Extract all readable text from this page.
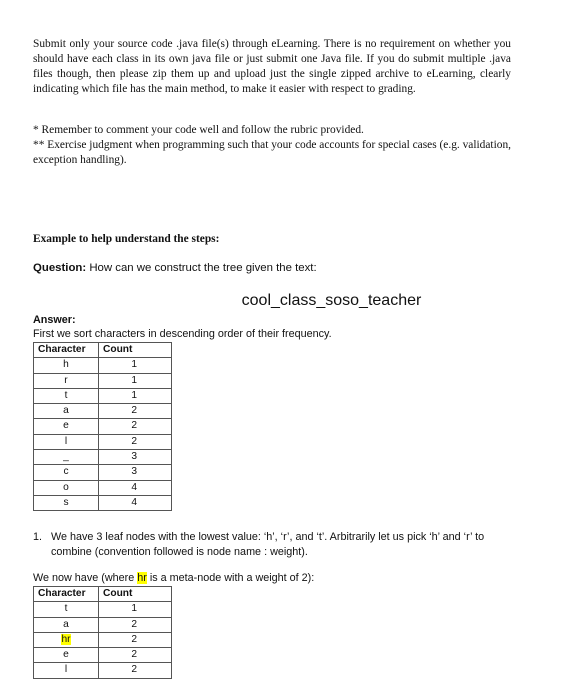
Submit only your source code .java file(s) through eLearning. There is no requirement on whether you should have each class in its own java file or just submit one Java file. If you do submit multiple .java files though, then please zip them up and upload just the single zipped archive to eLearning, clearly indicating which file has the main method, to make it easier with respect to grading.
* Remember to comment your code well and follow the rubric provided.
** Exercise judgment when programming such that your code accounts for special cases (e.g. validation, exception handling).
Example to help understand the steps:
Question: How can we construct the tree given the text:
cool_class_soso_teacher
Answer:
First we sort characters in descending order of their frequency.
Character	Count
h	1
r	1
t	1
a	2
e	2
l	2
_	3
c	3
o	4
s	4
1. We have 3 leaf nodes with the lowest value: ‘h’, ‘r’, and ‘t’. Arbitrarily let us pick ‘h’ and ‘r’ to combine (convention followed is node name : weight).
We now have (where hr is a meta-node with a weight of 2):
Character	Count
t	1
a	2
hr	2
e	2
l	2
